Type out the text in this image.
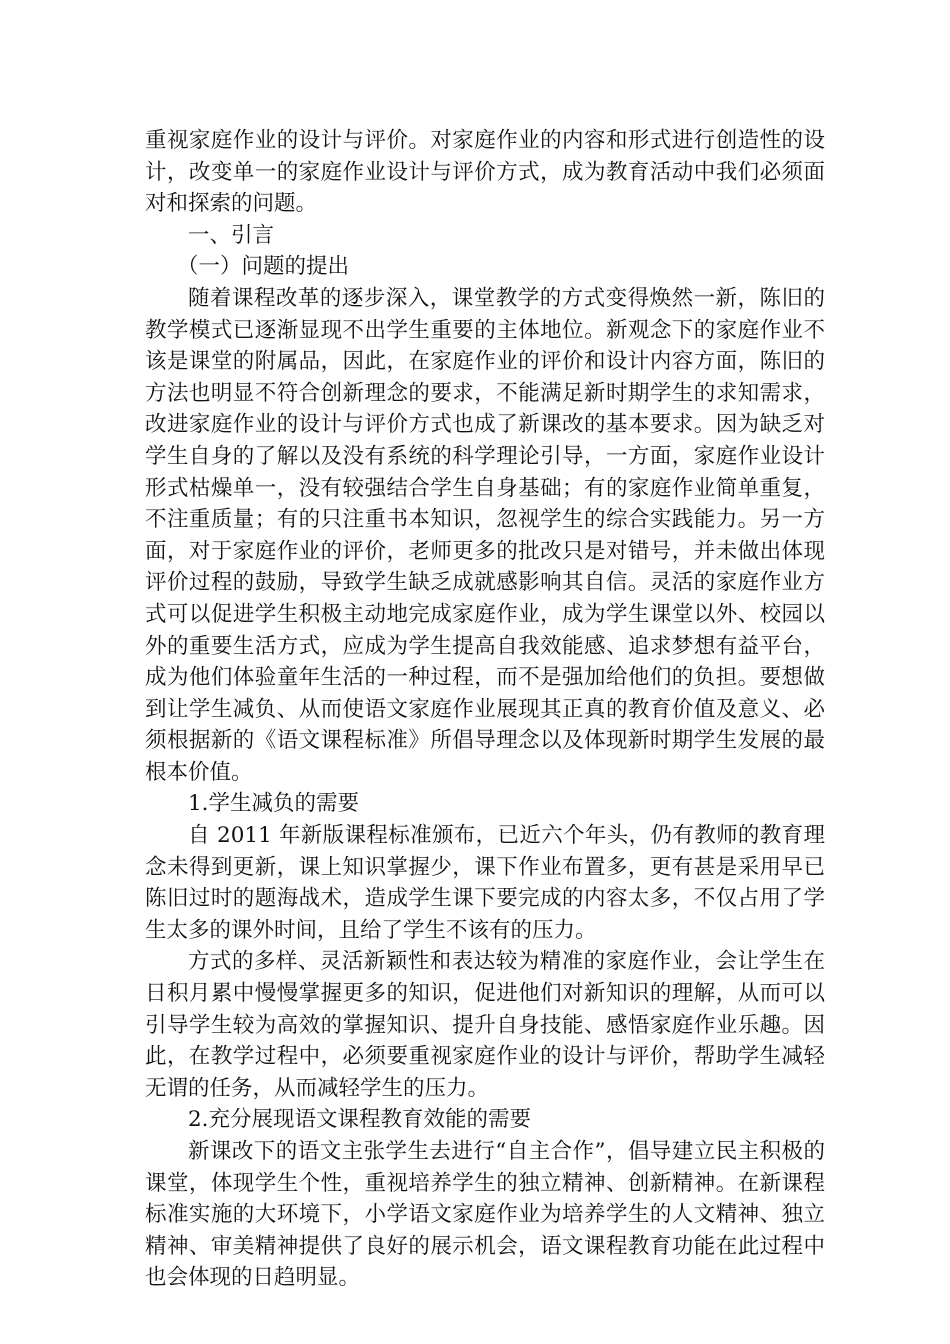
重视家庭作业的设计与评价。对家庭作业的内容和形式进行创造性的设计，改变单一的家庭作业设计与评价方式，成为教育活动中我们必须面对和探索的问题。

一、引言

（一）问题的提出

随着课程改革的逐步深入，课堂教学的方式变得焕然一新，陈旧的教学模式已逐渐显现不出学生重要的主体地位。新观念下的家庭作业不该是课堂的附属品，因此，在家庭作业的评价和设计内容方面，陈旧的方法也明显不符合创新理念的要求，不能满足新时期学生的求知需求，改进家庭作业的设计与评价方式也成了新课改的基本要求。因为缺乏对学生自身的了解以及没有系统的科学理论引导，一方面，家庭作业设计形式枯燥单一，没有较强结合学生自身基础；有的家庭作业简单重复，不注重质量；有的只注重书本知识，忽视学生的综合实践能力。另一方面，对于家庭作业的评价，老师更多的批改只是对错号，并未做出体现评价过程的鼓励，导致学生缺乏成就感影响其自信。灵活的家庭作业方式可以促进学生积极主动地完成家庭作业，成为学生课堂以外、校园以外的重要生活方式，应成为学生提高自我效能感、追求梦想有益平台，成为他们体验童年生活的一种过程，而不是强加给他们的负担。要想做到让学生减负、从而使语文家庭作业展现其正真的教育价值及意义、必须根据新的《语文课程标准》所倡导理念以及体现新时期学生发展的最根本价值。

1.学生减负的需要

自 2011 年新版课程标准颁布，已近六个年头，仍有教师的教育理念未得到更新，课上知识掌握少，课下作业布置多，更有甚是采用早已陈旧过时的题海战术，造成学生课下要完成的内容太多，不仅占用了学生太多的课外时间，且给了学生不该有的压力。

方式的多样、灵活新颖性和表达较为精准的家庭作业，会让学生在日积月累中慢慢掌握更多的知识，促进他们对新知识的理解，从而可以引导学生较为高效的掌握知识、提升自身技能、感悟家庭作业乐趣。因此，在教学过程中，必须要重视家庭作业的设计与评价，帮助学生减轻无谓的任务，从而减轻学生的压力。

2.充分展现语文课程教育效能的需要

新课改下的语文主张学生去进行“自主合作”，倡导建立民主积极的课堂，体现学生个性，重视培养学生的独立精神、创新精神。在新课程标准实施的大环境下，小学语文家庭作业为培养学生的人文精神、独立精神、审美精神提供了良好的展示机会，语文课程教育功能在此过程中也会体现的日趋明显。
